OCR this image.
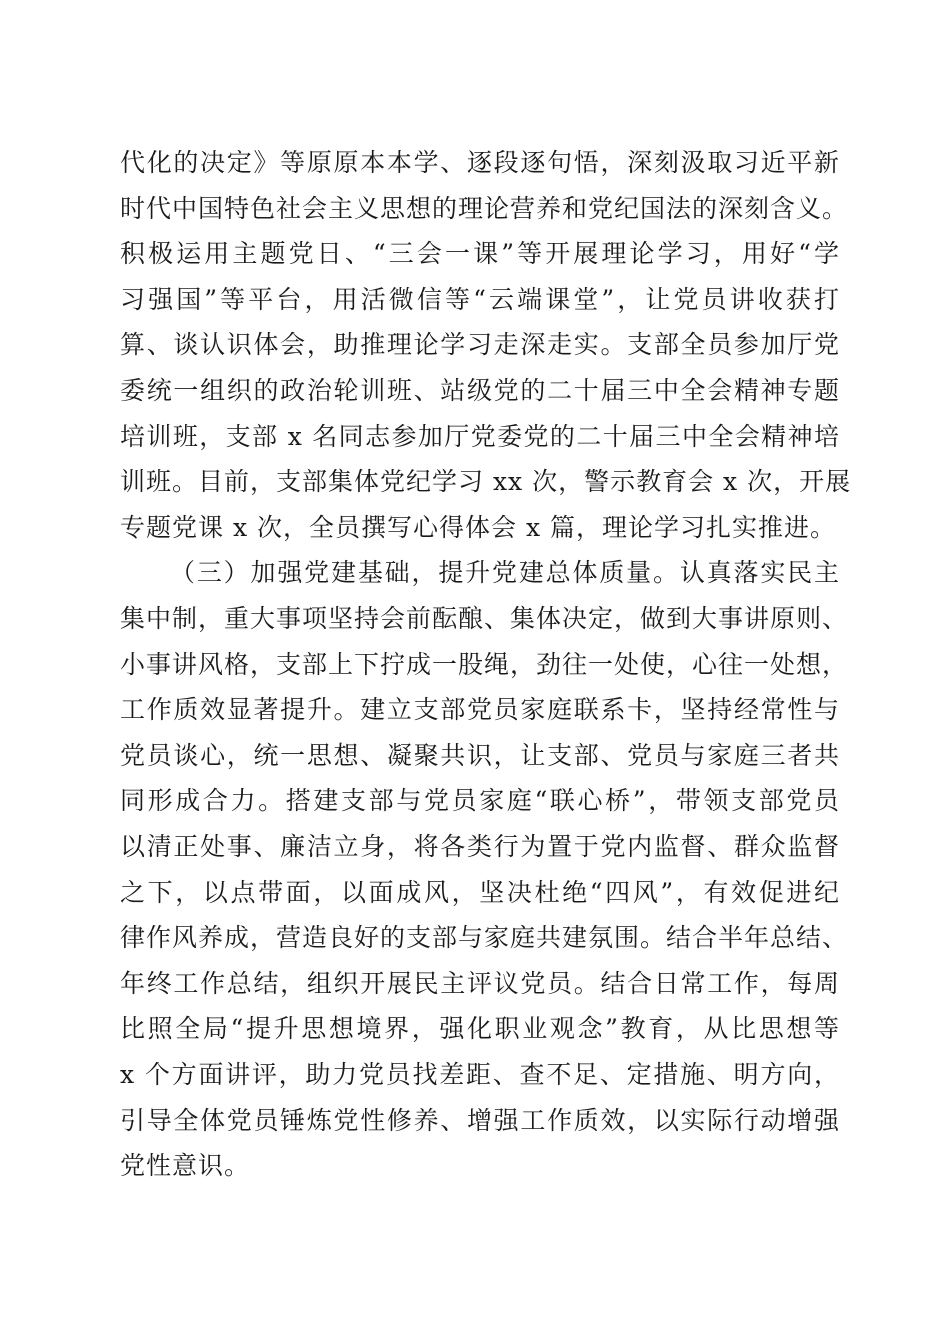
代化的决定》等原原本本学、逐段逐句悟，深刻汲取习近平新
时代中国特色社会主义思想的理论营养和党纪国法的深刻含义。
积极运用主题党日、“三会一课”等开展理论学习，用好“学
习强国”等平台，用活微信等“云端课堂”，让党员讲收获打
算、谈认识体会，助推理论学习走深走实。支部全员参加厅党
委统一组织的政治轮训班、站级党的二十届三中全会精神专题
培训班，支部 x 名同志参加厅党委党的二十届三中全会精神培
训班。目前，支部集体党纪学习 xx 次，警示教育会 x 次，开展
专题党课 x 次，全员撰写心得体会 x 篇，理论学习扎实推进。
（三）加强党建基础，提升党建总体质量。认真落实民主
集中制，重大事项坚持会前酝酿、集体决定，做到大事讲原则、
小事讲风格，支部上下拧成一股绳，劲往一处使，心往一处想，
工作质效显著提升。建立支部党员家庭联系卡，坚持经常性与
党员谈心，统一思想、凝聚共识，让支部、党员与家庭三者共
同形成合力。搭建支部与党员家庭“联心桥”，带领支部党员
以清正处事、廉洁立身，将各类行为置于党内监督、群众监督
之下，以点带面，以面成风，坚决杜绝“四风”，有效促进纪
律作风养成，营造良好的支部与家庭共建氛围。结合半年总结、
年终工作总结，组织开展民主评议党员。结合日常工作，每周
比照全局“提升思想境界，强化职业观念”教育，从比思想等
x 个方面讲评，助力党员找差距、查不足、定措施、明方向，
引导全体党员锤炼党性修养、增强工作质效，以实际行动增强
党性意识。
